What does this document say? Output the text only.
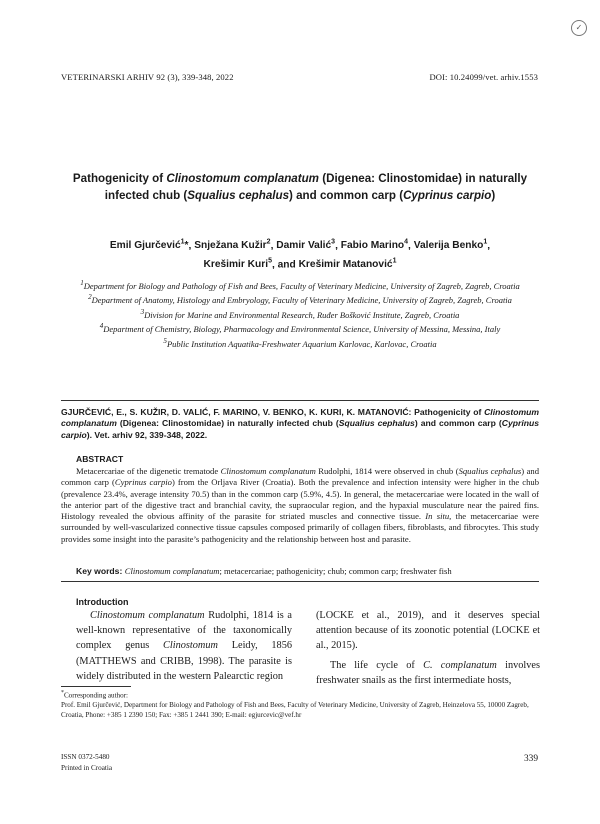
✓
VETERINARSKI ARHIV 92 (3), 339-348, 2022	DOI: 10.24099/vet. arhiv.1553
Pathogenicity of Clinostomum complanatum (Digenea: Clinostomidae) in naturally infected chub (Squalius cephalus) and common carp (Cyprinus carpio)
Emil Gjurčević$^1$*, Snježana Kužir$^2$, Damir Valić$^3$, Fabio Marino$^4$, Valerija Benko$^1$,
Krešimir Kuri$^5$, and Krešimir Matanović$^1$
$^1$Department for Biology and Pathology of Fish and Bees, Faculty of Veterinary Medicine, University of Zagreb, Zagreb, Croatia
$^2$Department of Anatomy, Histology and Embryology, Faculty of Veterinary Medicine, University of Zagreb, Zagreb, Croatia
$^3$Division for Marine and Environmental Research, Ruđer Bošković Institute, Zagreb, Croatia
$^4$Department of Chemistry, Biology, Pharmacology and Environmental Science, University of Messina, Messina, Italy
$^5$Public Institution Aquatika-Freshwater Aquarium Karlovac, Karlovac, Croatia
GJURČEVIĆ, E., S. KUŽIR, D. VALIĆ, F. MARINO, V. BENKO, K. KURI, K. MATANOVIĆ: Pathogenicity of Clinostomum complanatum (Digenea: Clinostomidae) in naturally infected chub (Squalius cephalus) and common carp (Cyprinus carpio). Vet. arhiv 92, 339-348, 2022.
ABSTRACT
Metacercariae of the digenetic trematode Clinostomum complanatum Rudolphi, 1814 were observed in chub (Squalius cephalus) and common carp (Cyprinus carpio) from the Orljava River (Croatia). Both the prevalence and infection intensity were higher in the chub (prevalence 23.4%, average intensity 70.5) than in the common carp (5.9%, 4.5). In general, the metacercariae were located in the wall of the anterior part of the digestive tract and branchial cavity, the supraocular region, and the hypaxial musculature near the paired fins. Histology revealed the obvious affinity of the parasite for striated muscles and connective tissue. In situ, the metacercariae were surrounded by well-vascularized connective tissue capsules composed primarily of collagen fibers, fibroblasts, and fibrocytes. This study provides some insight into the parasite’s pathogenicity and the relationship between host and parasite.
Key words: Clinostomum complanatum; metacercariae; pathogenicity; chub; common carp; freshwater fish
Introduction

Clinostomum complanatum Rudolphi, 1814 is a well-known representative of the taxonomically complex genus Clinostomum Leidy, 1856 (MATTHEWS and CRIBB, 1998). The parasite is widely distributed in the western Palearctic region

(LOCKE et al., 2019), and it deserves special attention because of its zoonotic potential (LOCKE et al., 2015).

The life cycle of C. complanatum involves freshwater snails as the first intermediate hosts,

*Corresponding author:
Prof. Emil Gjurčević, Department for Biology and Pathology of Fish and Bees, Faculty of Veterinary Medicine, University of Zagreb, Heinzelova 55, 10000 Zagreb, Croatia, Phone: +385 1 2390 150; Fax: +385 1 2441 390; E-mail: egjurcevic@vef.hr
ISSN 0372-5480
Printed in Croatia
339
